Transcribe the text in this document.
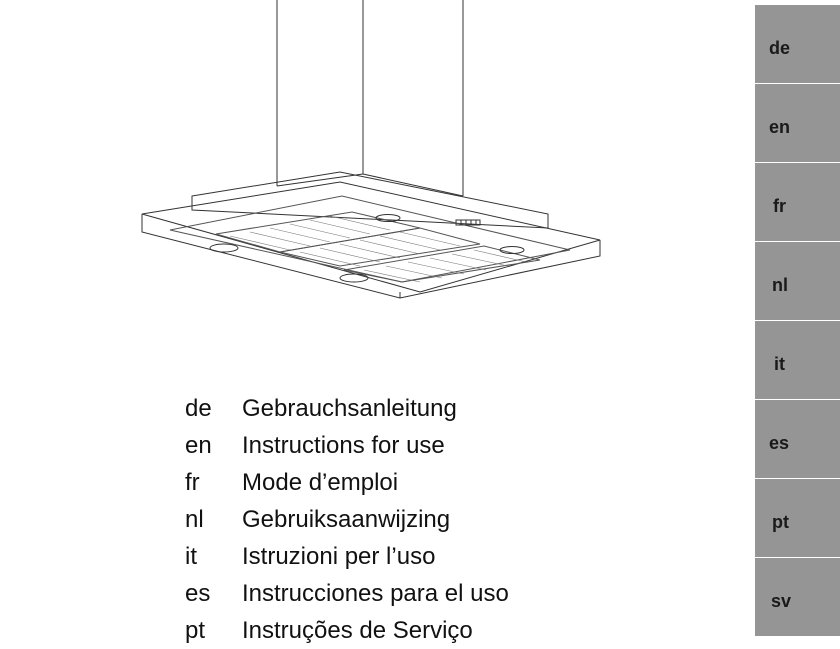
de	Gebrauchsanleitung
en	Instructions for use
fr	Mode d’emploi
nl	Gebruiksaanwijzing
it	Istruzioni per l’uso
es	Instrucciones para el uso
pt	Instruções de Serviço
de
en
fr
nl
it
es
pt
sv
